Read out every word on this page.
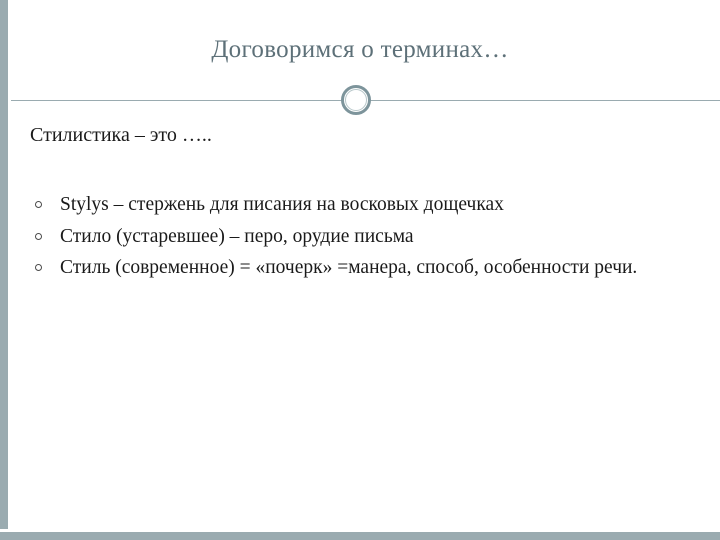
Договоримся о терминах…

Стилистика – это …..

Stylys – стержень для писания на восковых дощечках
Стило (устаревшее) – перо, орудие письма
Стиль (современное) = «почерк» =манера, способ, особенности речи.
